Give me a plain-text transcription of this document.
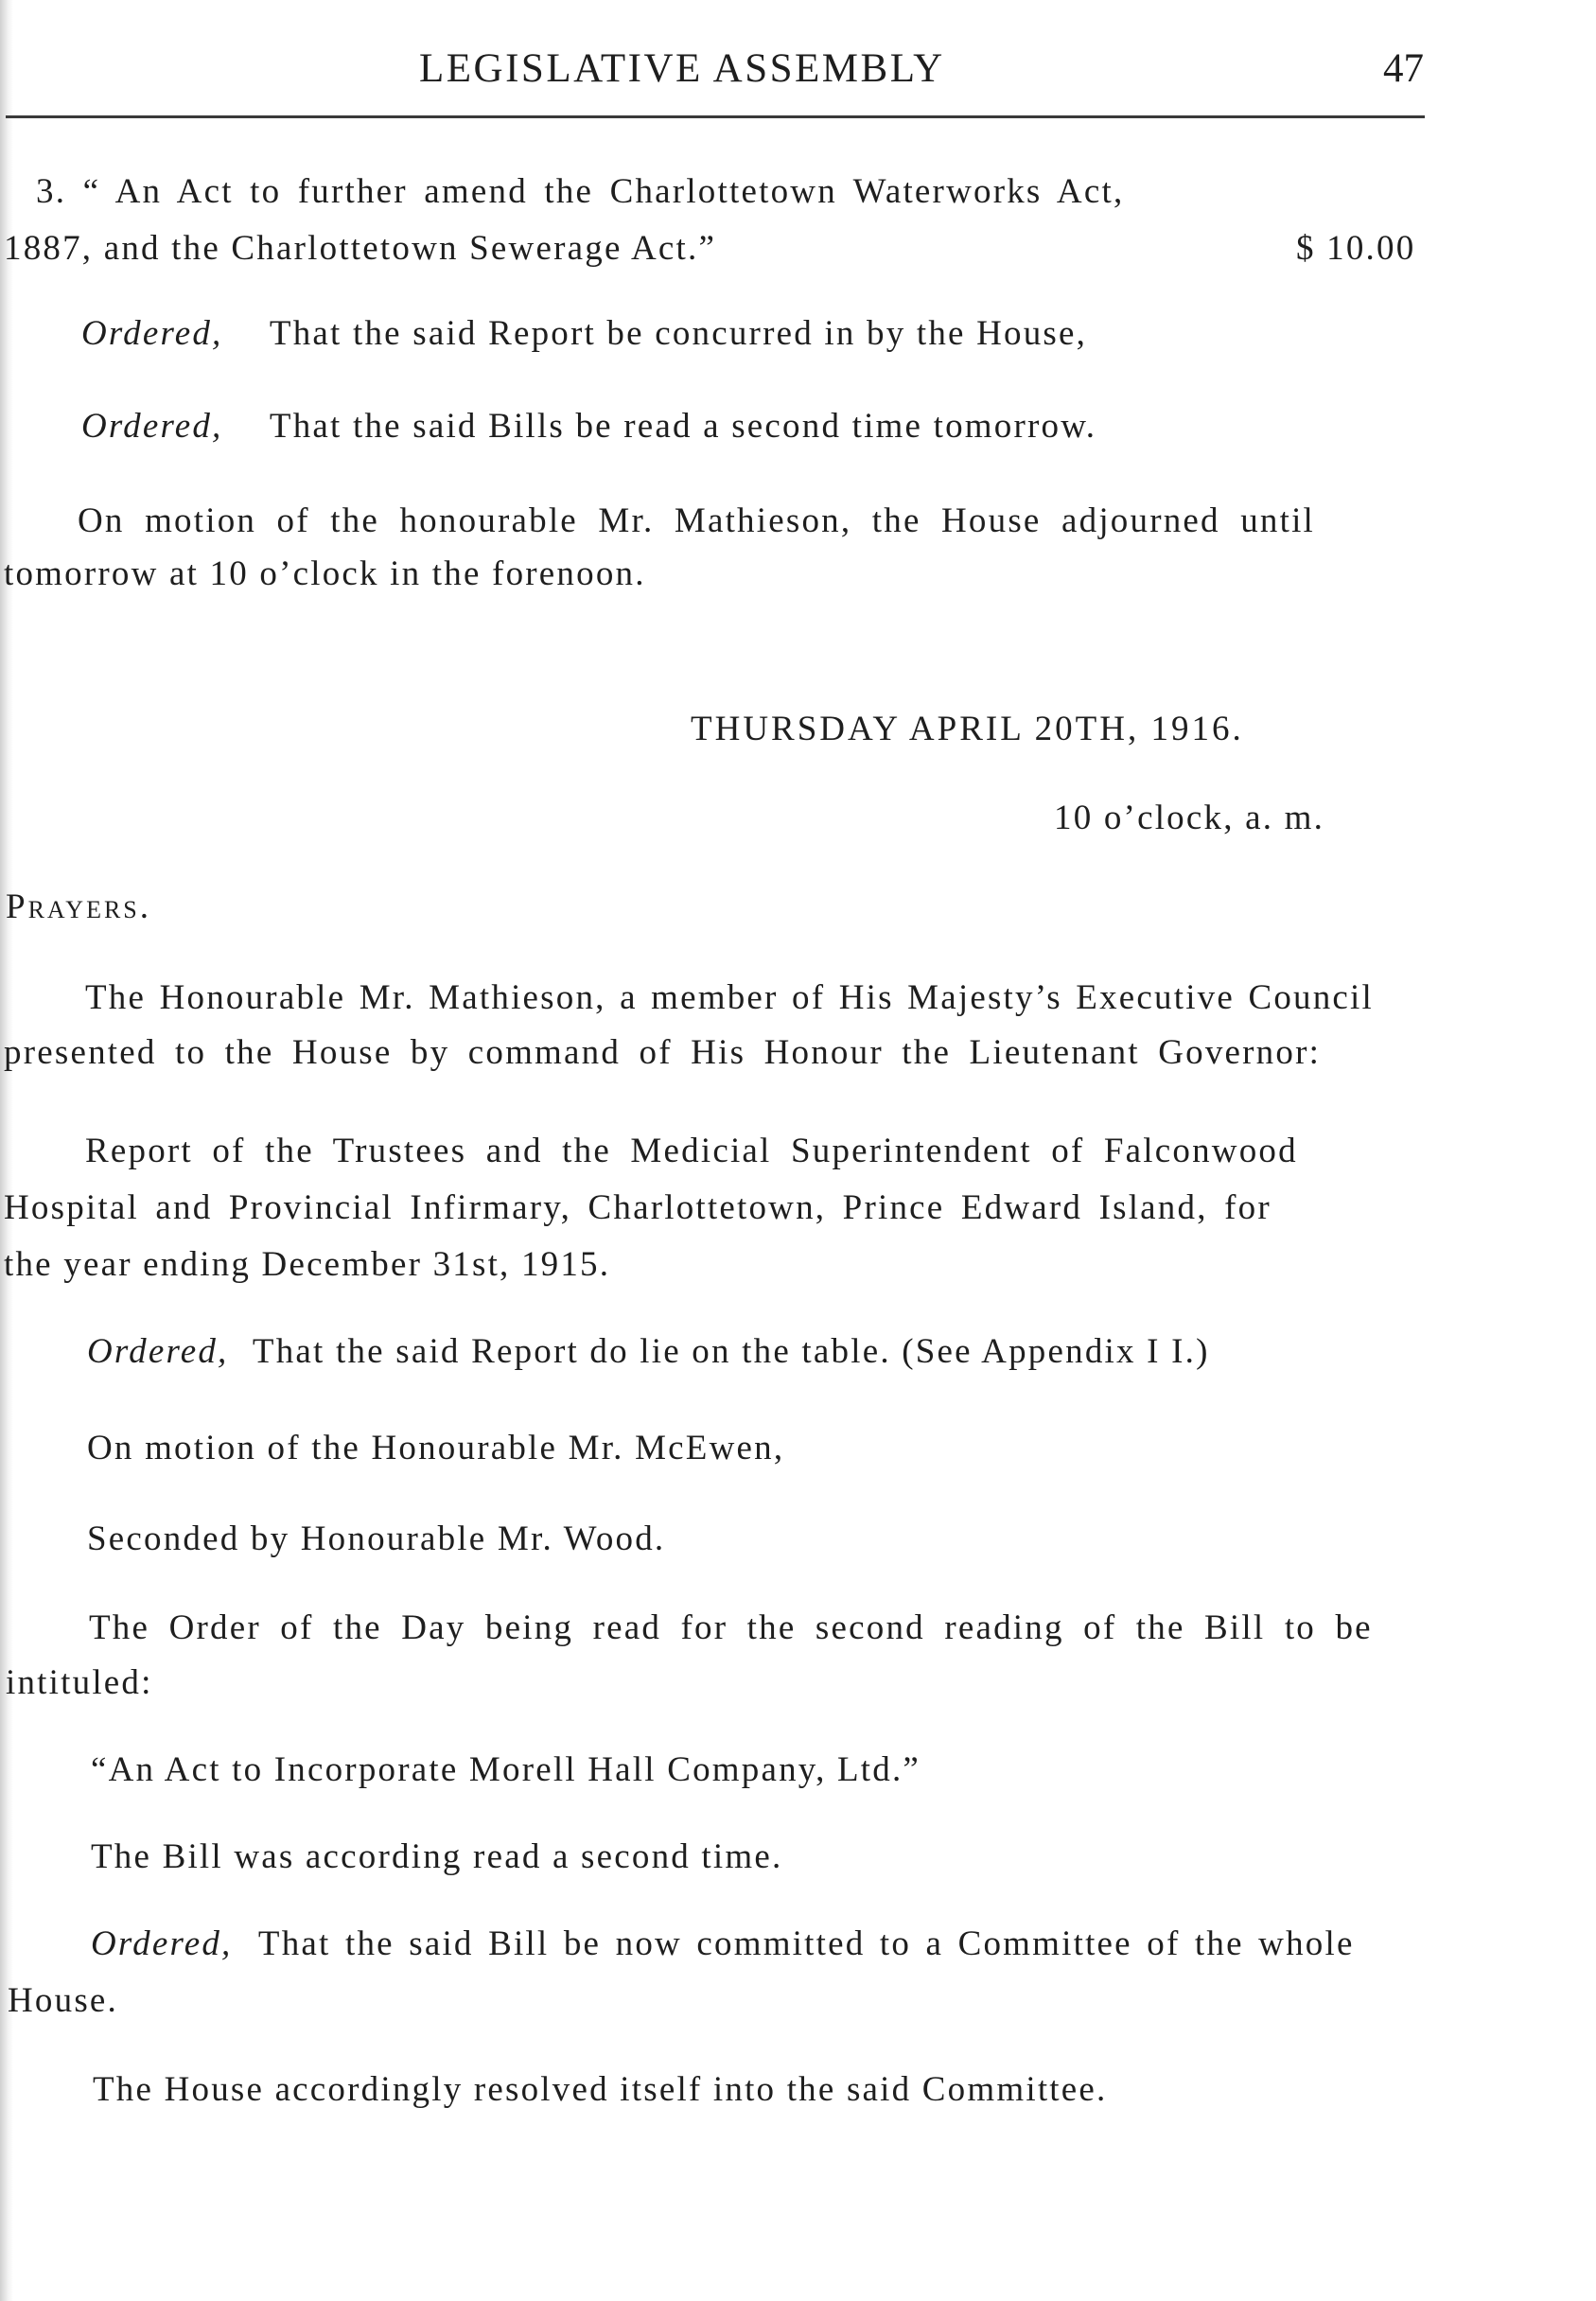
LEGISLATIVE ASSEMBLY	47
3. “ An Act to further amend the Charlottetown Waterworks Act,
1887, and the Charlottetown Sewerage Act.”	$ 10.00
Ordered, That the said Report be concurred in by the House,
Ordered, That the said Bills be read a second time tomorrow.
On motion of the honourable Mr. Mathieson, the House adjourned until
tomorrow at 10 o’clock in the forenoon.
THURSDAY APRIL 20TH, 1916.
10 o’clock, a. m.
Prayers.
The Honourable Mr. Mathieson, a member of His Majesty’s Executive Council
presented to the House by command of His Honour the Lieutenant Governor:
Report of the Trustees and the Medicial Superintendent of Falconwood
Hospital and Provincial Infirmary, Charlottetown, Prince Edward Island, for
the year ending December 31st, 1915.
Ordered, That the said Report do lie on the table. (See Appendix I I.)
On motion of the Honourable Mr. McEwen,
Seconded by Honourable Mr. Wood.
The Order of the Day being read for the second reading of the Bill to be
intituled:
“An Act to Incorporate Morell Hall Company, Ltd.”
The Bill was according read a second time.
Ordered, That the said Bill be now committed to a Committee of the whole
House.
The House accordingly resolved itself into the said Committee.
